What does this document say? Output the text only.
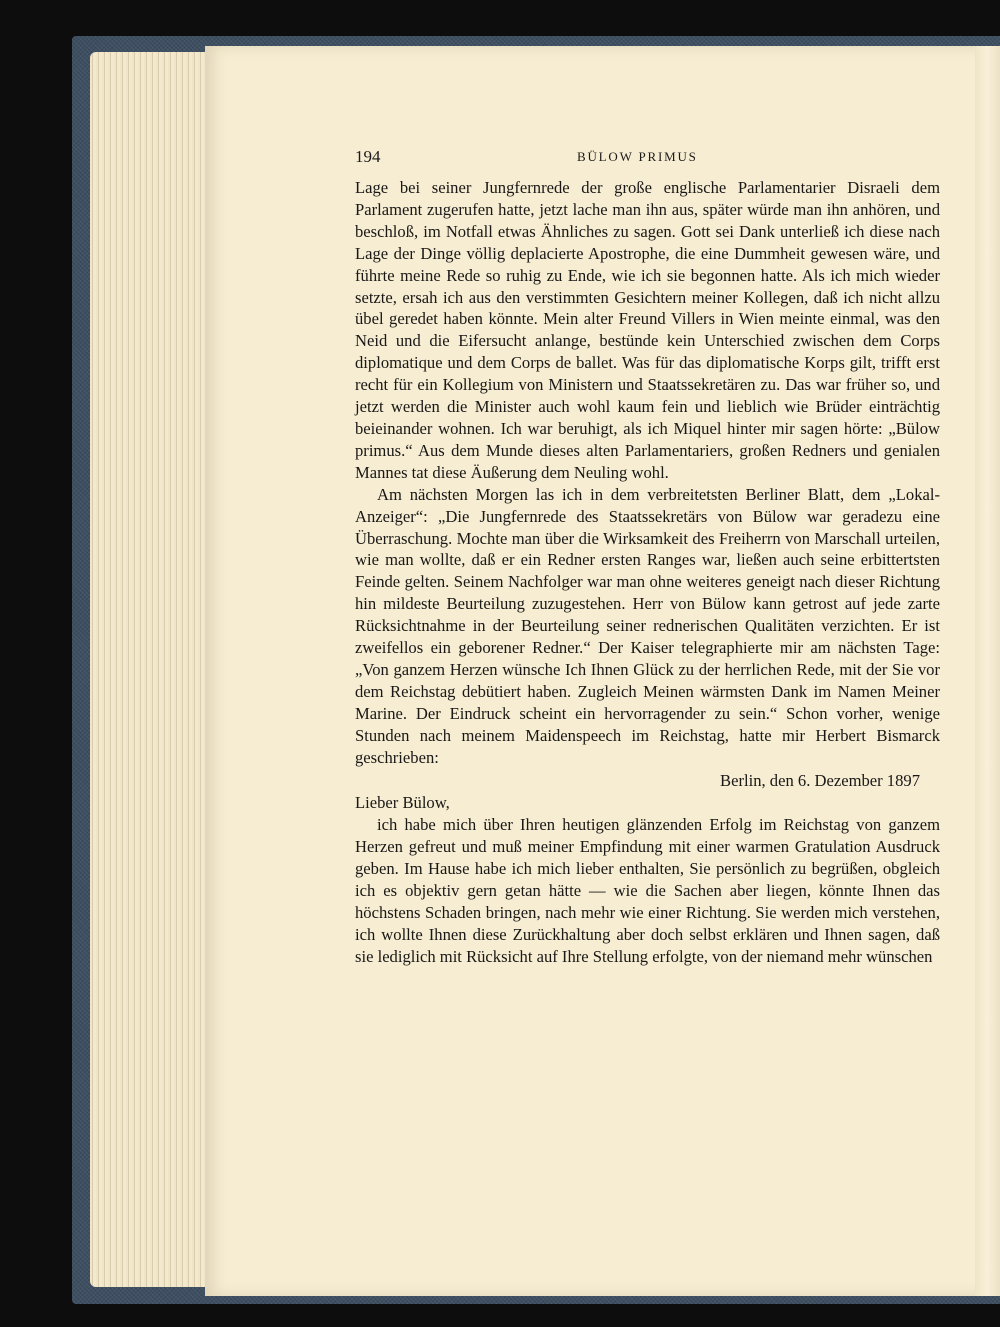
194	BÜLOW PRIMUS

Lage bei seiner Jungfernrede der große englische Parlamentarier Disraeli dem Parlament zugerufen hatte, jetzt lache man ihn aus, später würde man ihn anhören, und beschloß, im Notfall etwas Ähnliches zu sagen. Gott sei Dank unterließ ich diese nach Lage der Dinge völlig deplacierte Apostrophe, die eine Dummheit gewesen wäre, und führte meine Rede so ruhig zu Ende, wie ich sie begonnen hatte. Als ich mich wieder setzte, ersah ich aus den verstimmten Gesichtern meiner Kollegen, daß ich nicht allzu übel geredet haben könnte. Mein alter Freund Villers in Wien meinte einmal, was den Neid und die Eifersucht anlange, bestünde kein Unterschied zwischen dem Corps diplomatique und dem Corps de ballet. Was für das diplomatische Korps gilt, trifft erst recht für ein Kollegium von Ministern und Staatssekretären zu. Das war früher so, und jetzt werden die Minister auch wohl kaum fein und lieblich wie Brüder einträchtig beieinander wohnen. Ich war beruhigt, als ich Miquel hinter mir sagen hörte: „Bülow primus.“ Aus dem Munde dieses alten Parlamentariers, großen Redners und genialen Mannes tat diese Äußerung dem Neuling wohl.

Am nächsten Morgen las ich in dem verbreitetsten Berliner Blatt, dem „Lokal-Anzeiger“: „Die Jungfernrede des Staatssekretärs von Bülow war geradezu eine Überraschung. Mochte man über die Wirksamkeit des Freiherrn von Marschall urteilen, wie man wollte, daß er ein Redner ersten Ranges war, ließen auch seine erbittertsten Feinde gelten. Seinem Nachfolger war man ohne weiteres geneigt nach dieser Richtung hin mildeste Beurteilung zuzugestehen. Herr von Bülow kann getrost auf jede zarte Rücksichtnahme in der Beurteilung seiner rednerischen Qualitäten verzichten. Er ist zweifellos ein geborener Redner.“ Der Kaiser telegraphierte mir am nächsten Tage: „Von ganzem Herzen wünsche Ich Ihnen Glück zu der herrlichen Rede, mit der Sie vor dem Reichstag debütiert haben. Zugleich Meinen wärmsten Dank im Namen Meiner Marine. Der Eindruck scheint ein hervorragender zu sein.“ Schon vorher, wenige Stunden nach meinem Maidenspeech im Reichstag, hatte mir Herbert Bismarck geschrieben:

Berlin, den 6. Dezember 1897

Lieber Bülow,

ich habe mich über Ihren heutigen glänzenden Erfolg im Reichstag von ganzem Herzen gefreut und muß meiner Empfindung mit einer warmen Gratulation Ausdruck geben. Im Hause habe ich mich lieber enthalten, Sie persönlich zu begrüßen, obgleich ich es objektiv gern getan hätte — wie die Sachen aber liegen, könnte Ihnen das höchstens Schaden bringen, nach mehr wie einer Richtung. Sie werden mich verstehen, ich wollte Ihnen diese Zurückhaltung aber doch selbst erklären und Ihnen sagen, daß sie lediglich mit Rücksicht auf Ihre Stellung erfolgte, von der niemand mehr wünschen
